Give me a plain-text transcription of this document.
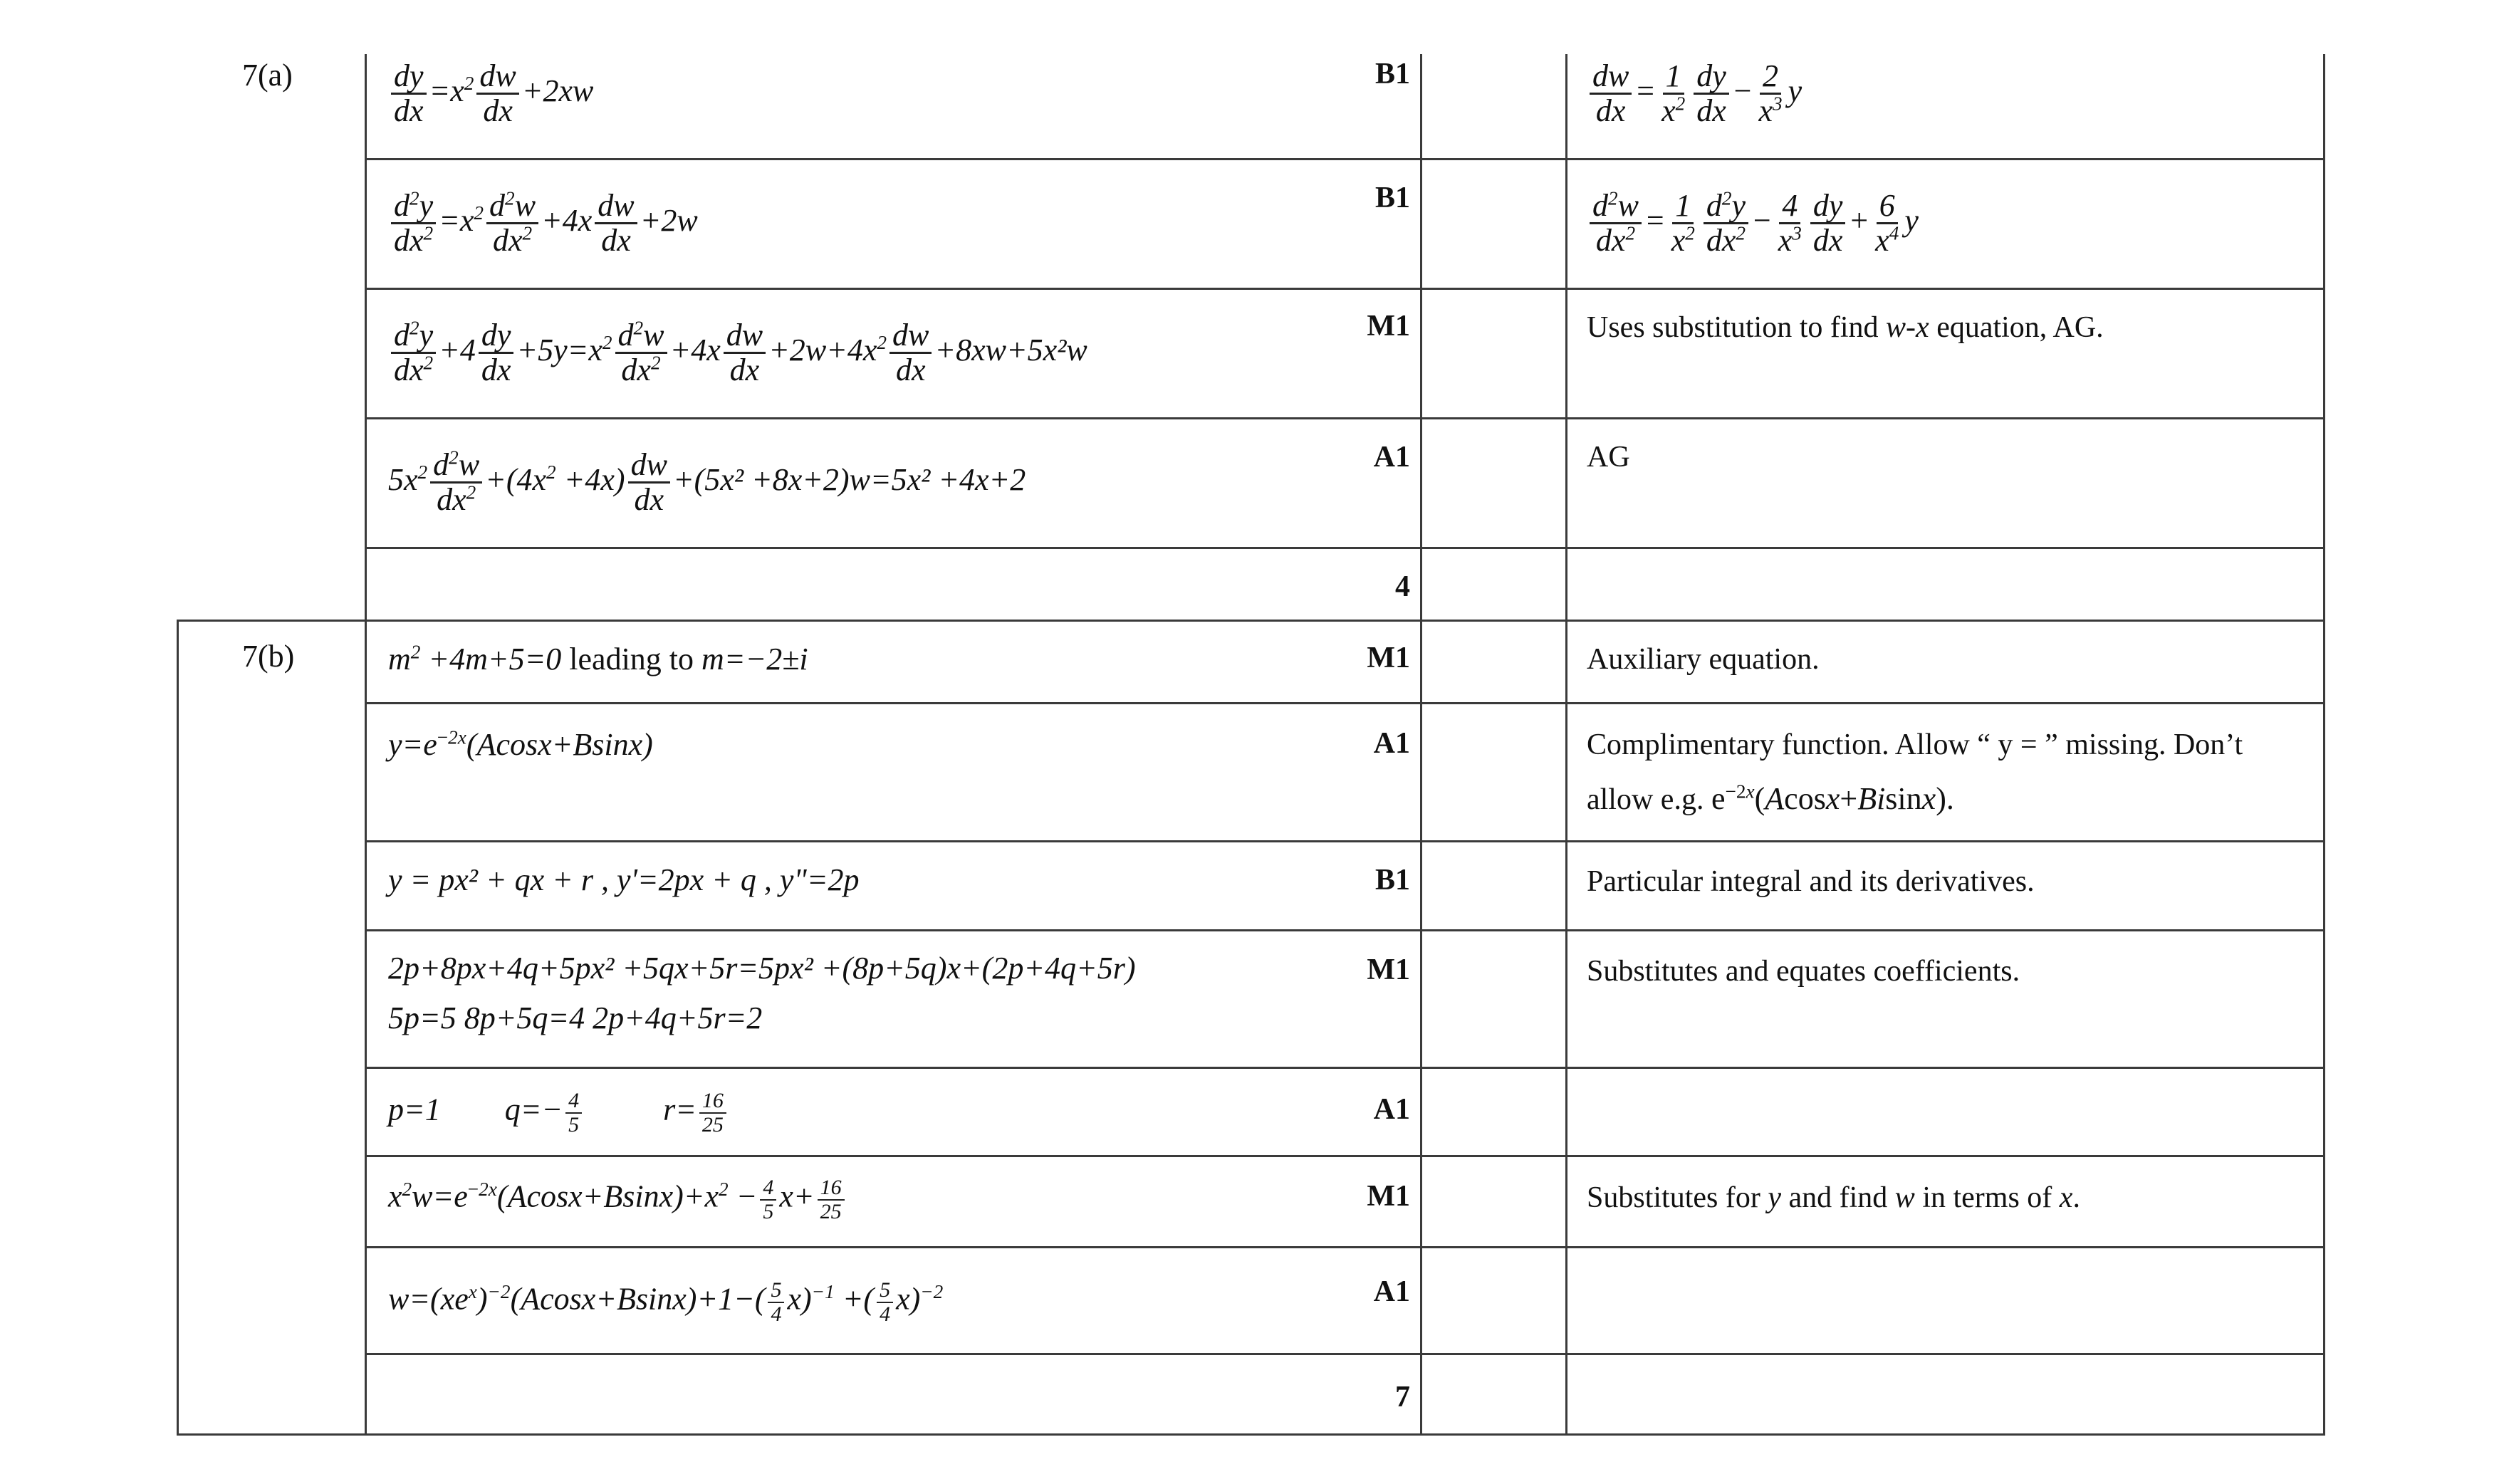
7(a)
7(b)
B1
B1
M1
A1
4
M1
A1
B1
M1
A1
M1
A1
7
$\frac{dw}{dx} = \frac{1}{x^2} \frac{dy}{dx} - \frac{2}{x^3}$ y
$\frac{d^2w}{dx^2} = \frac{1}{x^2} \frac{d^2y}{dx^2} - \frac{4}{x^3} \frac{dy}{dx} + \frac{6}{x^4}$ y
Uses substitution to find w-x equation, AG.
AG
Auxiliary equation.
Complimentary function. Allow “ y = ” missing. Don’t
allow e.g. $e^{-2x}(Acosx+Bisinx)$.
Particular integral and its derivatives.
Substitutes and equates coefficients.
Substitutes for y and find w in terms of x.
$\frac{dy}{dx} =x^2 \frac{dw}{dx} +2xw$
$\frac{d^2y}{dx^2} =x^2 \frac{d^2w}{dx^2} +4x \frac{dw}{dx} +2w$
$\frac{d^2y}{dx^2} +4 \frac{dy}{dx} +5y=x^2 \frac{d^2w}{dx^2} +4x \frac{dw}{dx} +2w+4x^2 \frac{dw}{dx} +8xw+5x^2w$
$5x^2 \frac{d^2w}{dx^2} +(4x^2 +4x) \frac{dw}{dx} +(5x^2 +8x+2)w=5x^2 +4x+2$
$m^2 +4m+5=0$ leading to m=−2±i
$y=e^{-2x}(Acosx+Bsinx)$
y = px² + qx + r , y'=2px + q , y"=2p
2p+8px+4q+5px² +5qx+5r=5px² +(8p+5q)x+(2p+4q+5r)
5p=5 8p+5q=4 2p+4q+5r=2
p=1 $q=- \frac{4}{5}$	$r= \frac{16}{25}$
$x^2w=e^{-2x}(Acosx+Bsinx)+x^2 - \frac{4}{5} x+ \frac{16}{25}$
$w=(xe^x)^{-2}(Acosx+Bsinx)+1-( \frac{5}{4} x)^{-1}$ +( $\frac{5}{4} x)^{-2}$
